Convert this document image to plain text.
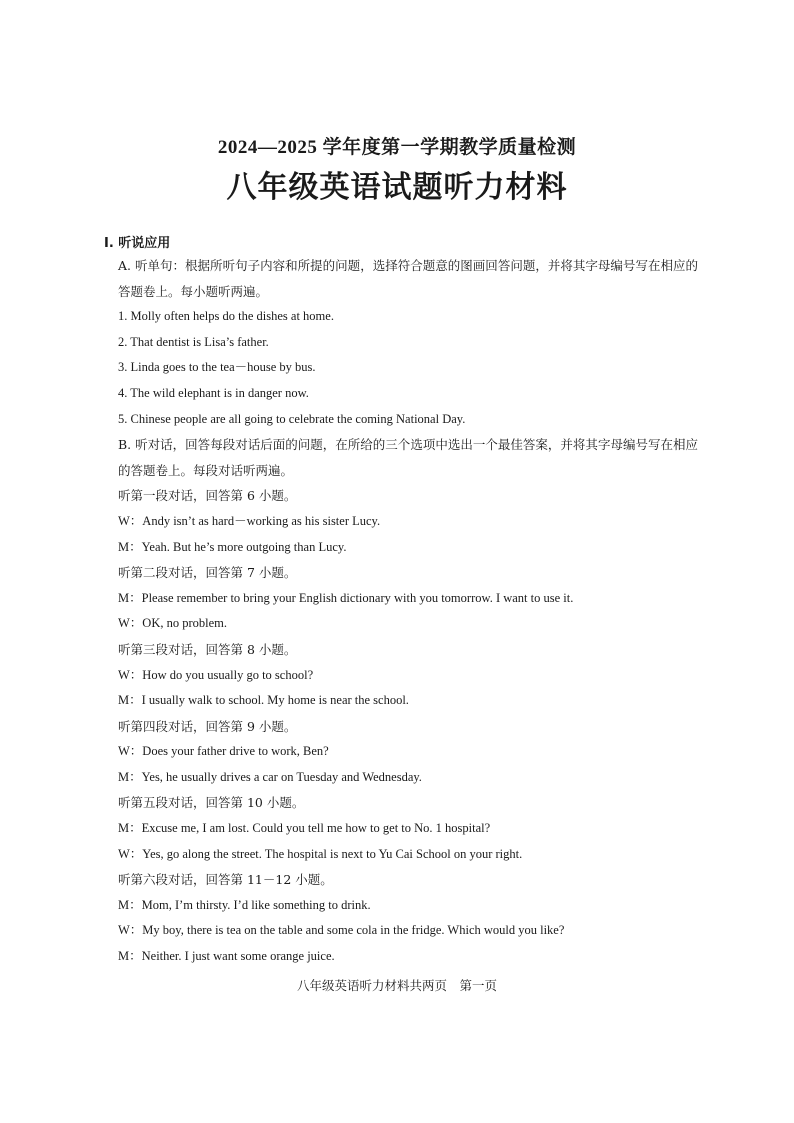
2024—2025 学年度第一学期教学质量检测
八年级英语试题听力材料
I. 听说应用
A. 听单句：根据所听句子内容和所提的问题，选择符合题意的图画回答问题，并将其字母编号写在相应的答题卷上。每小题听两遍。
1. Molly often helps do the dishes at home.
2. That dentist is Lisa’s father.
3. Linda goes to the tea－house by bus.
4. The wild elephant is in danger now.
5. Chinese people are all going to celebrate the coming National Day.
B. 听对话，回答每段对话后面的问题，在所给的三个选项中选出一个最佳答案，并将其字母编号写在相应的答题卷上。每段对话听两遍。
听第一段对话，回答第 6 小题。
W：Andy isn’t as hard－working as his sister Lucy.
M：Yeah. But he’s more outgoing than Lucy.
听第二段对话，回答第 7 小题。
M：Please remember to bring your English dictionary with you tomorrow. I want to use it.
W：OK, no problem.
听第三段对话，回答第 8 小题。
W：How do you usually go to school?
M：I usually walk to school. My home is near the school.
听第四段对话，回答第 9 小题。
W：Does your father drive to work, Ben?
M：Yes, he usually drives a car on Tuesday and Wednesday.
听第五段对话，回答第 10 小题。
M：Excuse me, I am lost. Could you tell me how to get to No. 1 hospital?
W：Yes, go along the street. The hospital is next to Yu Cai School on your right.
听第六段对话，回答第 11－12 小题。
M：Mom, I’m thirsty. I’d like something to drink.
W：My boy, there is tea on the table and some cola in the fridge. Which would you like?
M：Neither. I just want some orange juice.
八年级英语听力材料共两页　第一页
